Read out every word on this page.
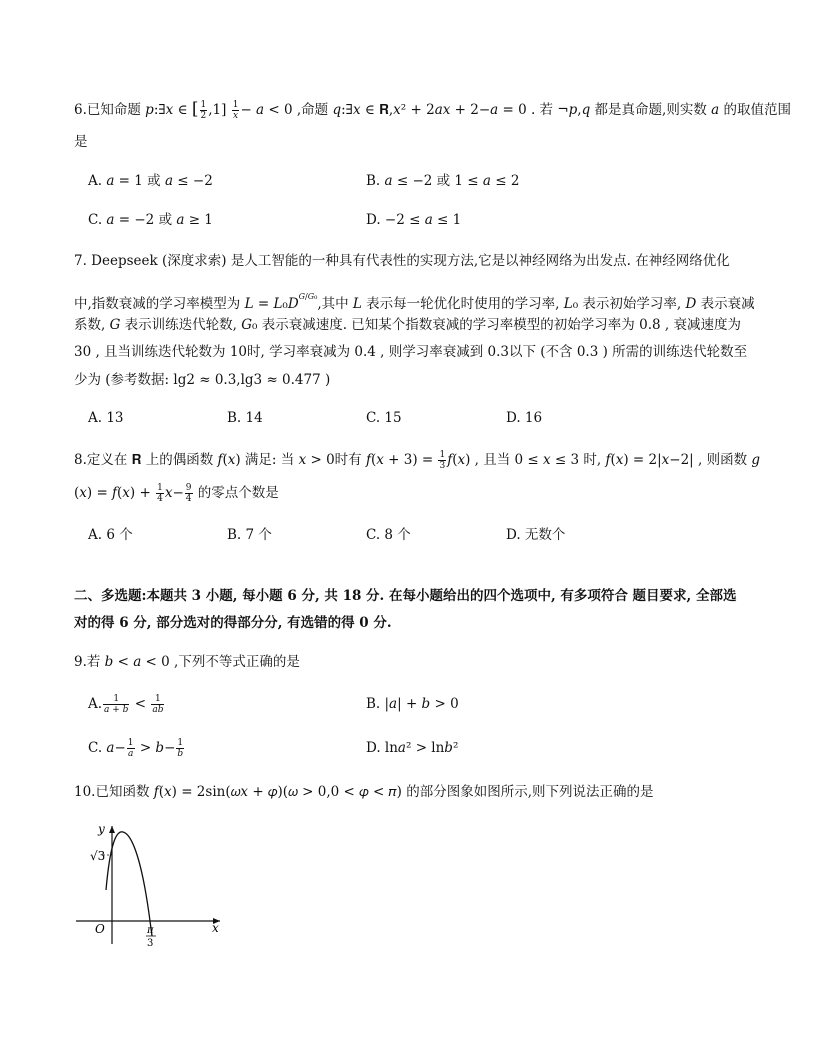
6.已知命题 𝑝:∃𝑥 ∈ [ $\frac{1}{2} ,1] \frac{1}{\text{𝑥}}$ − 𝑎 < 0 ,命题 𝑞:∃𝑥 ∈ 𝐑,𝑥² + 2𝑎𝑥 + 2−𝑎 = 0 . 若 ¬𝑝,𝑞 都是真命题,则实数 𝑎 的取值范围
是
A. 𝑎 = 1 或 𝑎 ≤ −2	B. 𝑎 ≤ −2 或 1 ≤ 𝑎 ≤ 2
C. 𝑎 = −2 或 𝑎 ≥ 1	D. −2 ≤ 𝑎 ≤ 1
7. Deepseek (深度求索) 是人工智能的一种具有代表性的实现方法,它是以神经网络为出发点. 在神经网络优化
中,指数衰减的学习率模型为 𝐿 = 𝐿₀𝐷$^{𝐺/𝐺_0}$,其中 𝐿 表示每一轮优化时使用的学习率, 𝐿₀ 表示初始学习率, 𝐷 表示衰减
系数, 𝐺 表示训练迭代轮数, 𝐺₀ 表示衰减速度. 已知某个指数衰减的学习率模型的初始学习率为 0.8 , 衰减速度为
30 , 且当训练迭代轮数为 10时, 学习率衰减为 0.4 , 则学习率衰减到 0.3以下 (不含 0.3 ) 所需的训练迭代轮数至
少为 (参考数据: lg2 ≈ 0.3,lg3 ≈ 0.477 )
A. 13	B. 14	C. 15	D. 16
8.定义在 𝐑 上的偶函数 𝑓(𝑥) 满足: 当 𝑥 > 0时有 𝑓(𝑥 + $3) = \frac{1}{3}$ 𝑓(𝑥) , 且当 0 ≤ 𝑥 ≤ 3 时, 𝑓(𝑥) = 2|𝑥−2| , 则函数 𝑔
(𝑥) = 𝑓(𝑥) + $\frac{1}{4}$ 𝑥− $\frac{9}{4}$ 的零点个数是
A. 6 个	B. 7 个	C. 8 个	D. 无数个
二、多选题:本题共 3 小题, 每小题 6 分, 共 18 分. 在每小题给出的四个选项中, 有多项符合 题目要求, 全部选
对的得 6 分, 部分选对的得部分分, 有选错的得 0 分.
9.若 𝑏 < 𝑎 < 0 ,下列不等式正确的是
A. $\frac{1}{\text{𝑎 + 𝑏}} < \frac{1}{\text{𝑎𝑏}}$	B. |𝑎| + 𝑏 > 0
C. 𝑎− $\frac{1}{\text{𝑎}}$ > 𝑏− $\frac{1}{\text{𝑏}}$	D. ln𝑎² > ln𝑏²
10.已知函数 𝑓(𝑥) = 2sin(𝜔𝑥 + 𝜑)(𝜔 > 0,0 < 𝜑 < 𝜋) 的部分图象如图所示,则下列说法正确的是
y
x
O
√3
π
3
